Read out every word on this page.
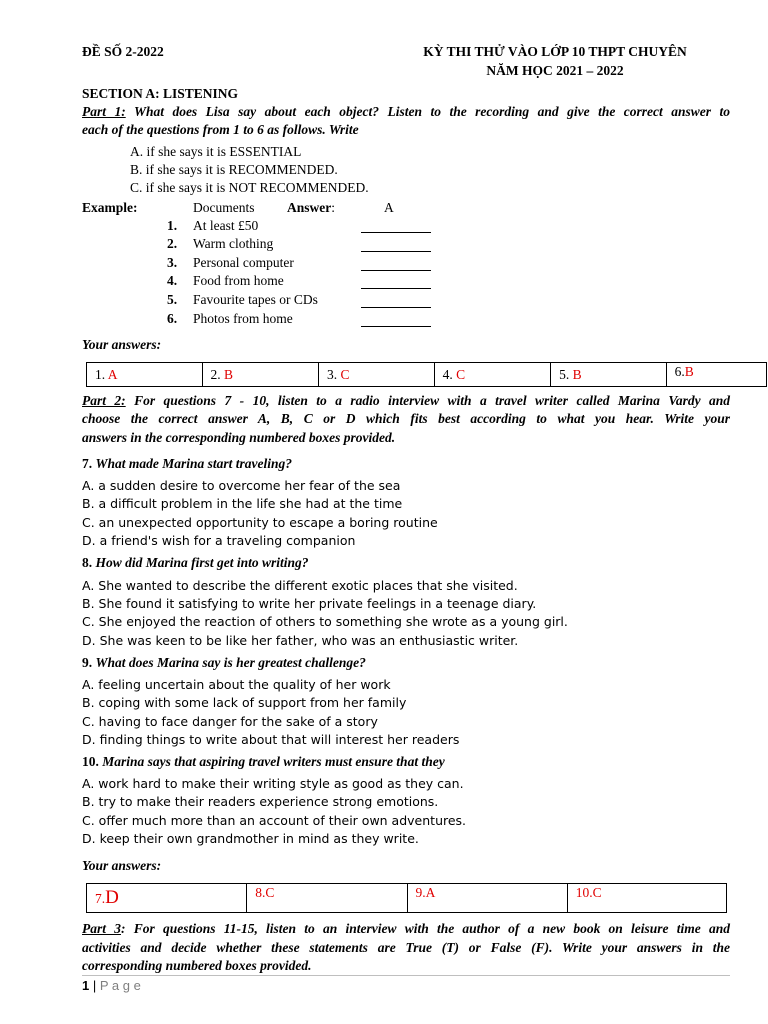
ĐỀ SỐ 2-2022	KỲ THI THỬ VÀO LỚP 10 THPT CHUYÊN
NĂM HỌC 2021 – 2022
SECTION A: LISTENING
Part 1: What does Lisa say about each object? Listen to the recording and give the correct answer to
each of the questions from 1 to 6 as follows. Write
A. if she says it is ESSENTIAL
B. if she says it is RECOMMENDED.
C. if she says it is NOT RECOMMENDED.
Example:	Documents Answer:	A
1. At least £50
2. Warm clothing
3. Personal computer
4. Food from home
5. Favourite tapes or CDs
6. Photos from home
Your answers:
1. A	2. B	3. C	4. C	5. B	6.B
Part 2: For questions 7 - 10, listen to a radio interview with a travel writer called Marina Vardy and
choose the correct answer A, B, C or D which fits best according to what you hear. Write your
answers in the corresponding numbered boxes provided.
7. What made Marina start traveling?
A. a sudden desire to overcome her fear of the sea
B. a difficult problem in the life she had at the time
C. an unexpected opportunity to escape a boring routine
D. a friend's wish for a traveling companion
8. How did Marina first get into writing?
A. She wanted to describe the different exotic places that she visited.
B. She found it satisfying to write her private feelings in a teenage diary.
C. She enjoyed the reaction of others to something she wrote as a young girl.
D. She was keen to be like her father, who was an enthusiastic writer.
9. What does Marina say is her greatest challenge?
A. feeling uncertain about the quality of her work
B. coping with some lack of support from her family
C. having to face danger for the sake of a story
D. finding things to write about that will interest her readers
10. Marina says that aspiring travel writers must ensure that they
A. work hard to make their writing style as good as they can.
B. try to make their readers experience strong emotions.
C. offer much more than an account of their own adventures.
D. keep their own grandmother in mind as they write.
Your answers:
7.D	8.C	9.A	10.C
Part 3: For questions 11-15, listen to an interview with the author of a new book on leisure time and
activities and decide whether these statements are True (T) or False (F). Write your answers in the
corresponding numbered boxes provided.
1 | P a g e
